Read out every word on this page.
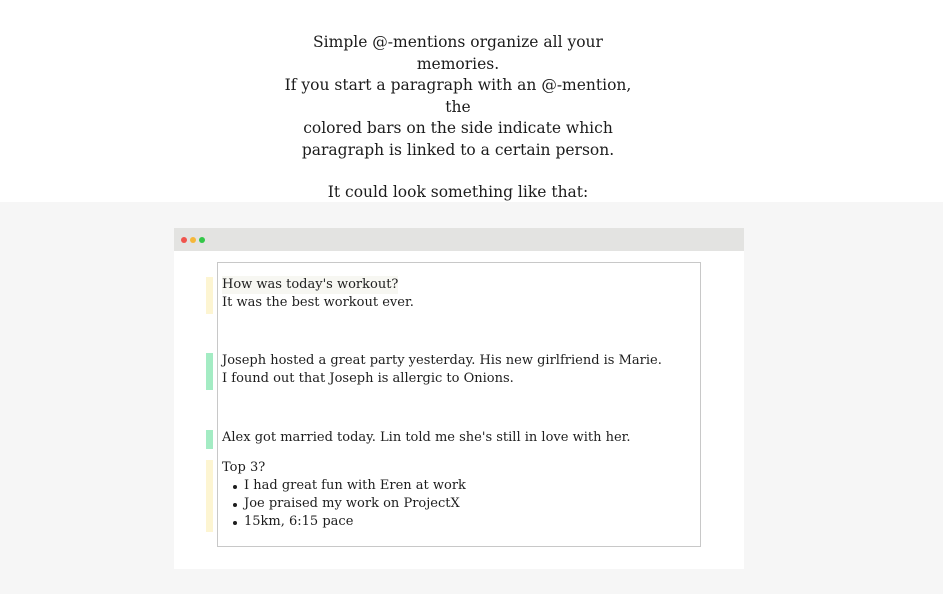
Simple @-mentions organize all your

memories.

If you start a paragraph with an @-mention, the

colored bars on the side indicate which

paragraph is linked to a certain person.

It could look something like that:

How was today's workout?
It was the best workout ever.
Joseph hosted a great party yesterday. His new girlfriend is Marie.
I found out that Joseph is allergic to Onions.
Alex got married today. Lin told me she's still in love with her.
Top 3?
I had great fun with Eren at work
Joe praised my work on ProjectX
15km, 6:15 pace
